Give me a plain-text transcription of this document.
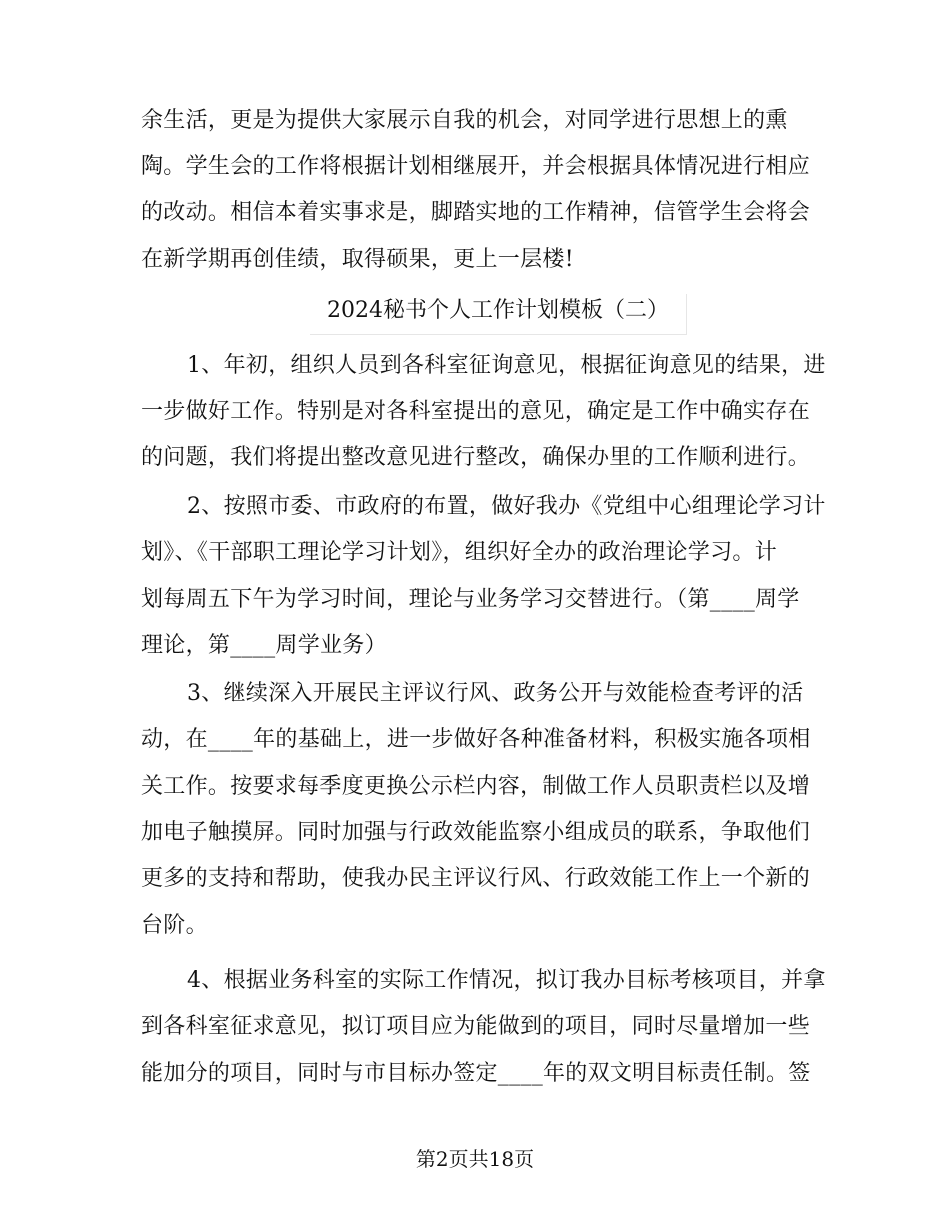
余生活，更是为提供大家展示自我的机会，对同学进行思想上的熏
陶。学生会的工作将根据计划相继展开，并会根据具体情况进行相应
的改动。相信本着实事求是，脚踏实地的工作精神，信管学生会将会
在新学期再创佳绩，取得硕果，更上一层楼!
2024秘书个人工作计划模板（二）
1、年初，组织人员到各科室征询意见，根据征询意见的结果，进
一步做好工作。特别是对各科室提出的意见，确定是工作中确实存在
的问题，我们将提出整改意见进行整改，确保办里的工作顺利进行。
2、按照市委、市政府的布置，做好我办《党组中心组理论学习计
划》、《干部职工理论学习计划》，组织好全办的政治理论学习。计
划每周五下午为学习时间，理论与业务学习交替进行。（第____周学
理论，第____周学业务）
3、继续深入开展民主评议行风、政务公开与效能检查考评的活
动，在____年的基础上，进一步做好各种准备材料，积极实施各项相
关工作。按要求每季度更换公示栏内容，制做工作人员职责栏以及增
加电子触摸屏。同时加强与行政效能监察小组成员的联系，争取他们
更多的支持和帮助，使我办民主评议行风、行政效能工作上一个新的
台阶。
4、根据业务科室的实际工作情况，拟订我办目标考核项目，并拿
到各科室征求意见，拟订项目应为能做到的项目，同时尽量增加一些
能加分的项目，同时与市目标办签定____年的双文明目标责任制。签
第2页共18页
